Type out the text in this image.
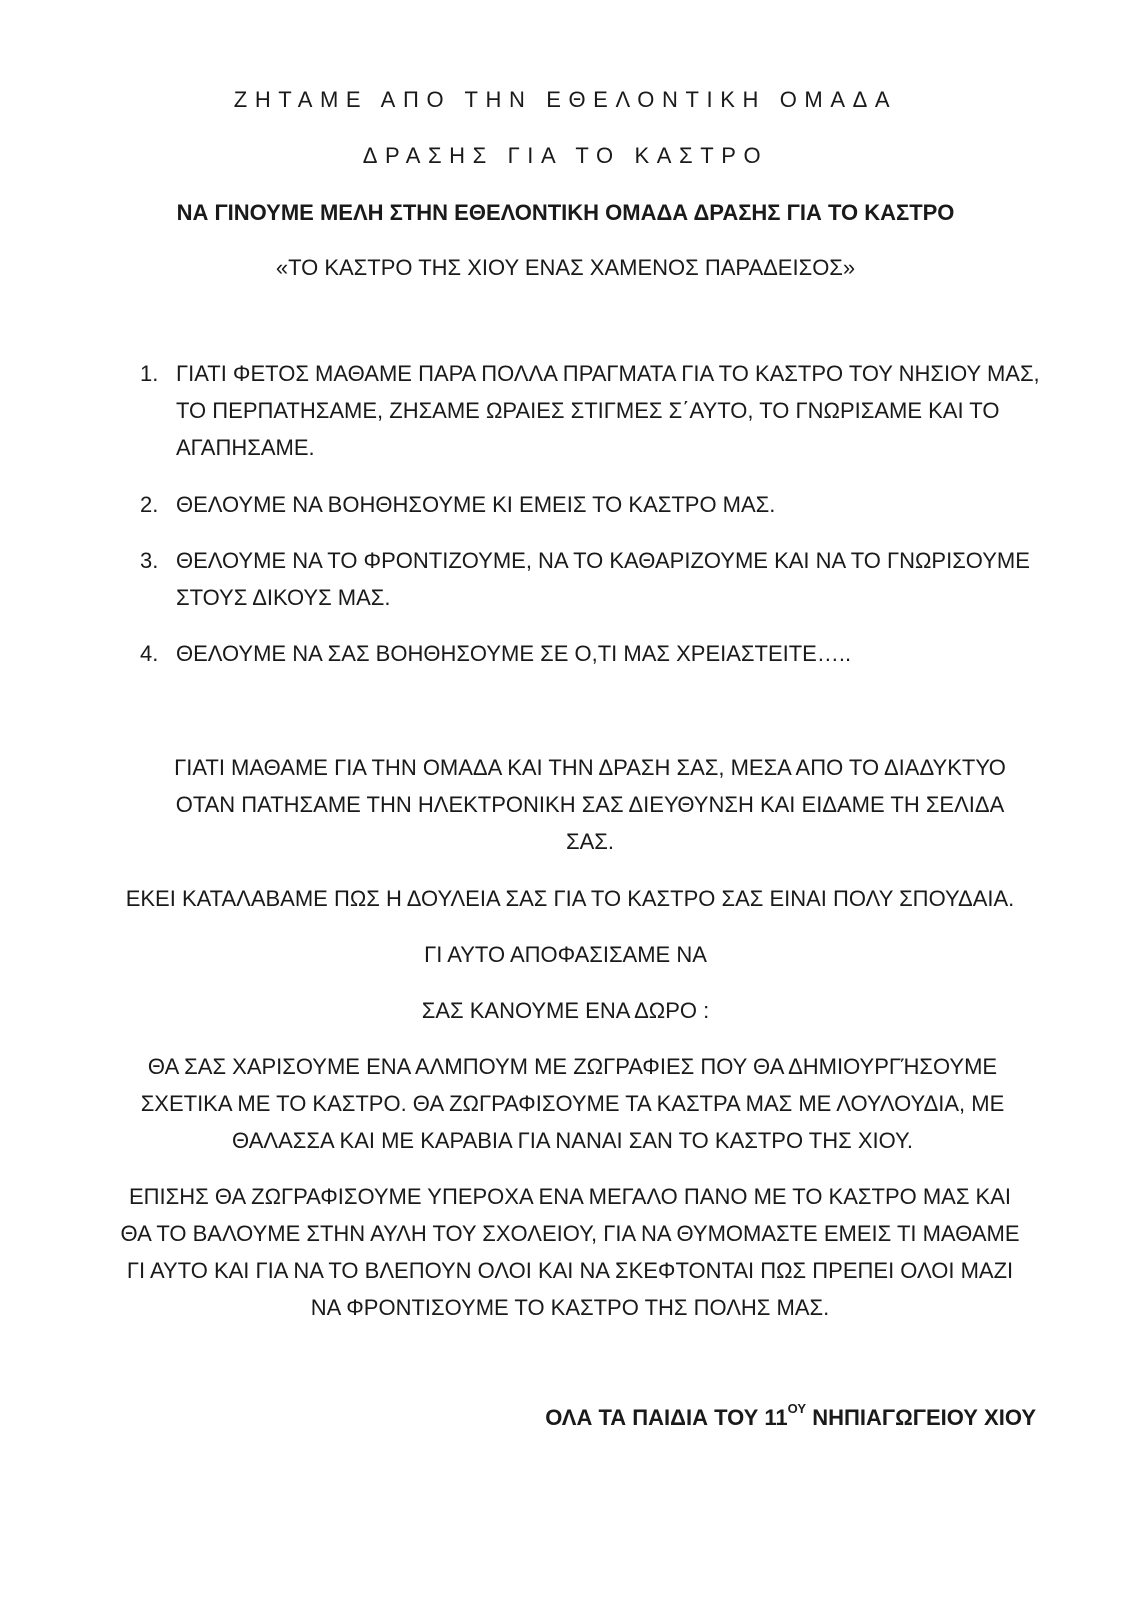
ΖΗΤΑΜΕ ΑΠΟ ΤΗΝ ΕΘΕΛΟΝΤΙΚΗ ΟΜΑΔΑ
ΔΡΑΣΗΣ ΓΙΑ ΤΟ ΚΑΣΤΡΟ
ΝΑ ΓΙΝΟΥΜΕ ΜΕΛΗ ΣΤΗΝ ΕΘΕΛΟΝΤΙΚΗ ΟΜΑΔΑ ΔΡΑΣΗΣ ΓΙΑ ΤΟ ΚΑΣΤΡΟ
«ΤΟ ΚΑΣΤΡΟ ΤΗΣ ΧΙΟΥ ΕΝΑΣ ΧΑΜΕΝΟΣ ΠΑΡΑΔΕΙΣΟΣ»
1. ΓΙΑΤΙ ΦΕΤΟΣ ΜΑΘΑΜΕ ΠΑΡΑ ΠΟΛΛΑ ΠΡΑΓΜΑΤΑ ΓΙΑ ΤΟ ΚΑΣΤΡΟ ΤΟΥ ΝΗΣΙΟΥ ΜΑΣ, ΤΟ ΠΕΡΠΑΤΗΣΑΜΕ, ΖΗΣΑΜΕ ΩΡΑΙΕΣ ΣΤΙΓΜΕΣ Σ΄ΑΥΤΟ, ΤΟ ΓΝΩΡΙΣΑΜΕ ΚΑΙ ΤΟ ΑΓΑΠΗΣΑΜΕ.
2. ΘΕΛΟΥΜΕ ΝΑ ΒΟΗΘΗΣΟΥΜΕ ΚΙ ΕΜΕΙΣ ΤΟ ΚΑΣΤΡΟ ΜΑΣ.
3. ΘΕΛΟΥΜΕ ΝΑ ΤΟ ΦΡΟΝΤΙΖΟΥΜΕ, ΝΑ ΤΟ ΚΑΘΑΡΙΖΟΥΜΕ ΚΑΙ ΝΑ ΤΟ ΓΝΩΡΙΣΟΥΜΕ ΣΤΟΥΣ ΔΙΚΟΥΣ ΜΑΣ.
4. ΘΕΛΟΥΜΕ ΝΑ ΣΑΣ ΒΟΗΘΗΣΟΥΜΕ ΣΕ Ο,ΤΙ ΜΑΣ ΧΡΕΙΑΣΤΕΙΤΕ…..
ΓΙΑΤΙ ΜΑΘΑΜΕ ΓΙΑ ΤΗΝ ΟΜΑΔΑ ΚΑΙ ΤΗΝ ΔΡΑΣΗ ΣΑΣ, ΜΕΣΑ ΑΠΟ ΤΟ ΔΙΑΔΥΚΤΥΟ ΟΤΑΝ ΠΑΤΗΣΑΜΕ ΤΗΝ ΗΛΕΚΤΡΟΝΙΚΗ ΣΑΣ ΔΙΕΥΘΥΝΣΗ ΚΑΙ ΕΙΔΑΜΕ ΤΗ ΣΕΛΙΔΑ ΣΑΣ.
ΕΚΕΙ ΚΑΤΑΛΑΒΑΜΕ ΠΩΣ Η ΔΟΥΛΕΙΑ ΣΑΣ ΓΙΑ ΤΟ ΚΑΣΤΡΟ ΣΑΣ ΕΙΝΑΙ ΠΟΛΥ ΣΠΟΥΔΑΙΑ.
ΓΙ ΑΥΤΟ ΑΠΟΦΑΣΙΣΑΜΕ ΝΑ
ΣΑΣ ΚΑΝΟΥΜΕ ΕΝΑ ΔΩΡΟ :
ΘΑ ΣΑΣ ΧΑΡΙΣΟΥΜΕ ΕΝΑ ΑΛΜΠΟΥΜ ΜΕ ΖΩΓΡΑΦΙΕΣ ΠΟΥ ΘΑ ΔΗΜΙΟΥΡΓΉΣΟΥΜΕ ΣΧΕΤΙΚΑ ΜΕ ΤΟ ΚΑΣΤΡΟ. ΘΑ ΖΩΓΡΑΦΙΣΟΥΜΕ ΤΑ ΚΑΣΤΡΑ ΜΑΣ ΜΕ ΛΟΥΛΟΥΔΙΑ, ΜΕ ΘΑΛΑΣΣΑ ΚΑΙ ΜΕ ΚΑΡΑΒΙΑ ΓΙΑ ΝΑΝΑΙ ΣΑΝ ΤΟ ΚΑΣΤΡΟ ΤΗΣ ΧΙΟΥ.
ΕΠΙΣΗΣ ΘΑ ΖΩΓΡΑΦΙΣΟΥΜΕ ΥΠΕΡΟΧΑ ΕΝΑ ΜΕΓΑΛΟ ΠΑΝΟ ΜΕ ΤΟ ΚΑΣΤΡΟ ΜΑΣ ΚΑΙ ΘΑ ΤΟ ΒΑΛΟΥΜΕ ΣΤΗΝ ΑΥΛΗ ΤΟΥ ΣΧΟΛΕΙΟΥ, ΓΙΑ ΝΑ ΘΥΜΟΜΑΣΤΕ ΕΜΕΙΣ ΤΙ ΜΑΘΑΜΕ ΓΙ ΑΥΤΟ ΚΑΙ ΓΙΑ ΝΑ ΤΟ ΒΛΕΠΟΥΝ ΟΛΟΙ ΚΑΙ ΝΑ ΣΚΕΦΤΟΝΤΑΙ ΠΩΣ ΠΡΕΠΕΙ ΟΛΟΙ ΜΑΖΙ ΝΑ ΦΡΟΝΤΙΣΟΥΜΕ ΤΟ ΚΑΣΤΡΟ ΤΗΣ ΠΟΛΗΣ ΜΑΣ.
ΟΛΑ ΤΑ ΠΑΙΔΙΑ ΤΟΥ $11^{O\Upsilon}$ ΝΗΠΙΑΓΩΓΕΙΟΥ ΧΙΟΥ
